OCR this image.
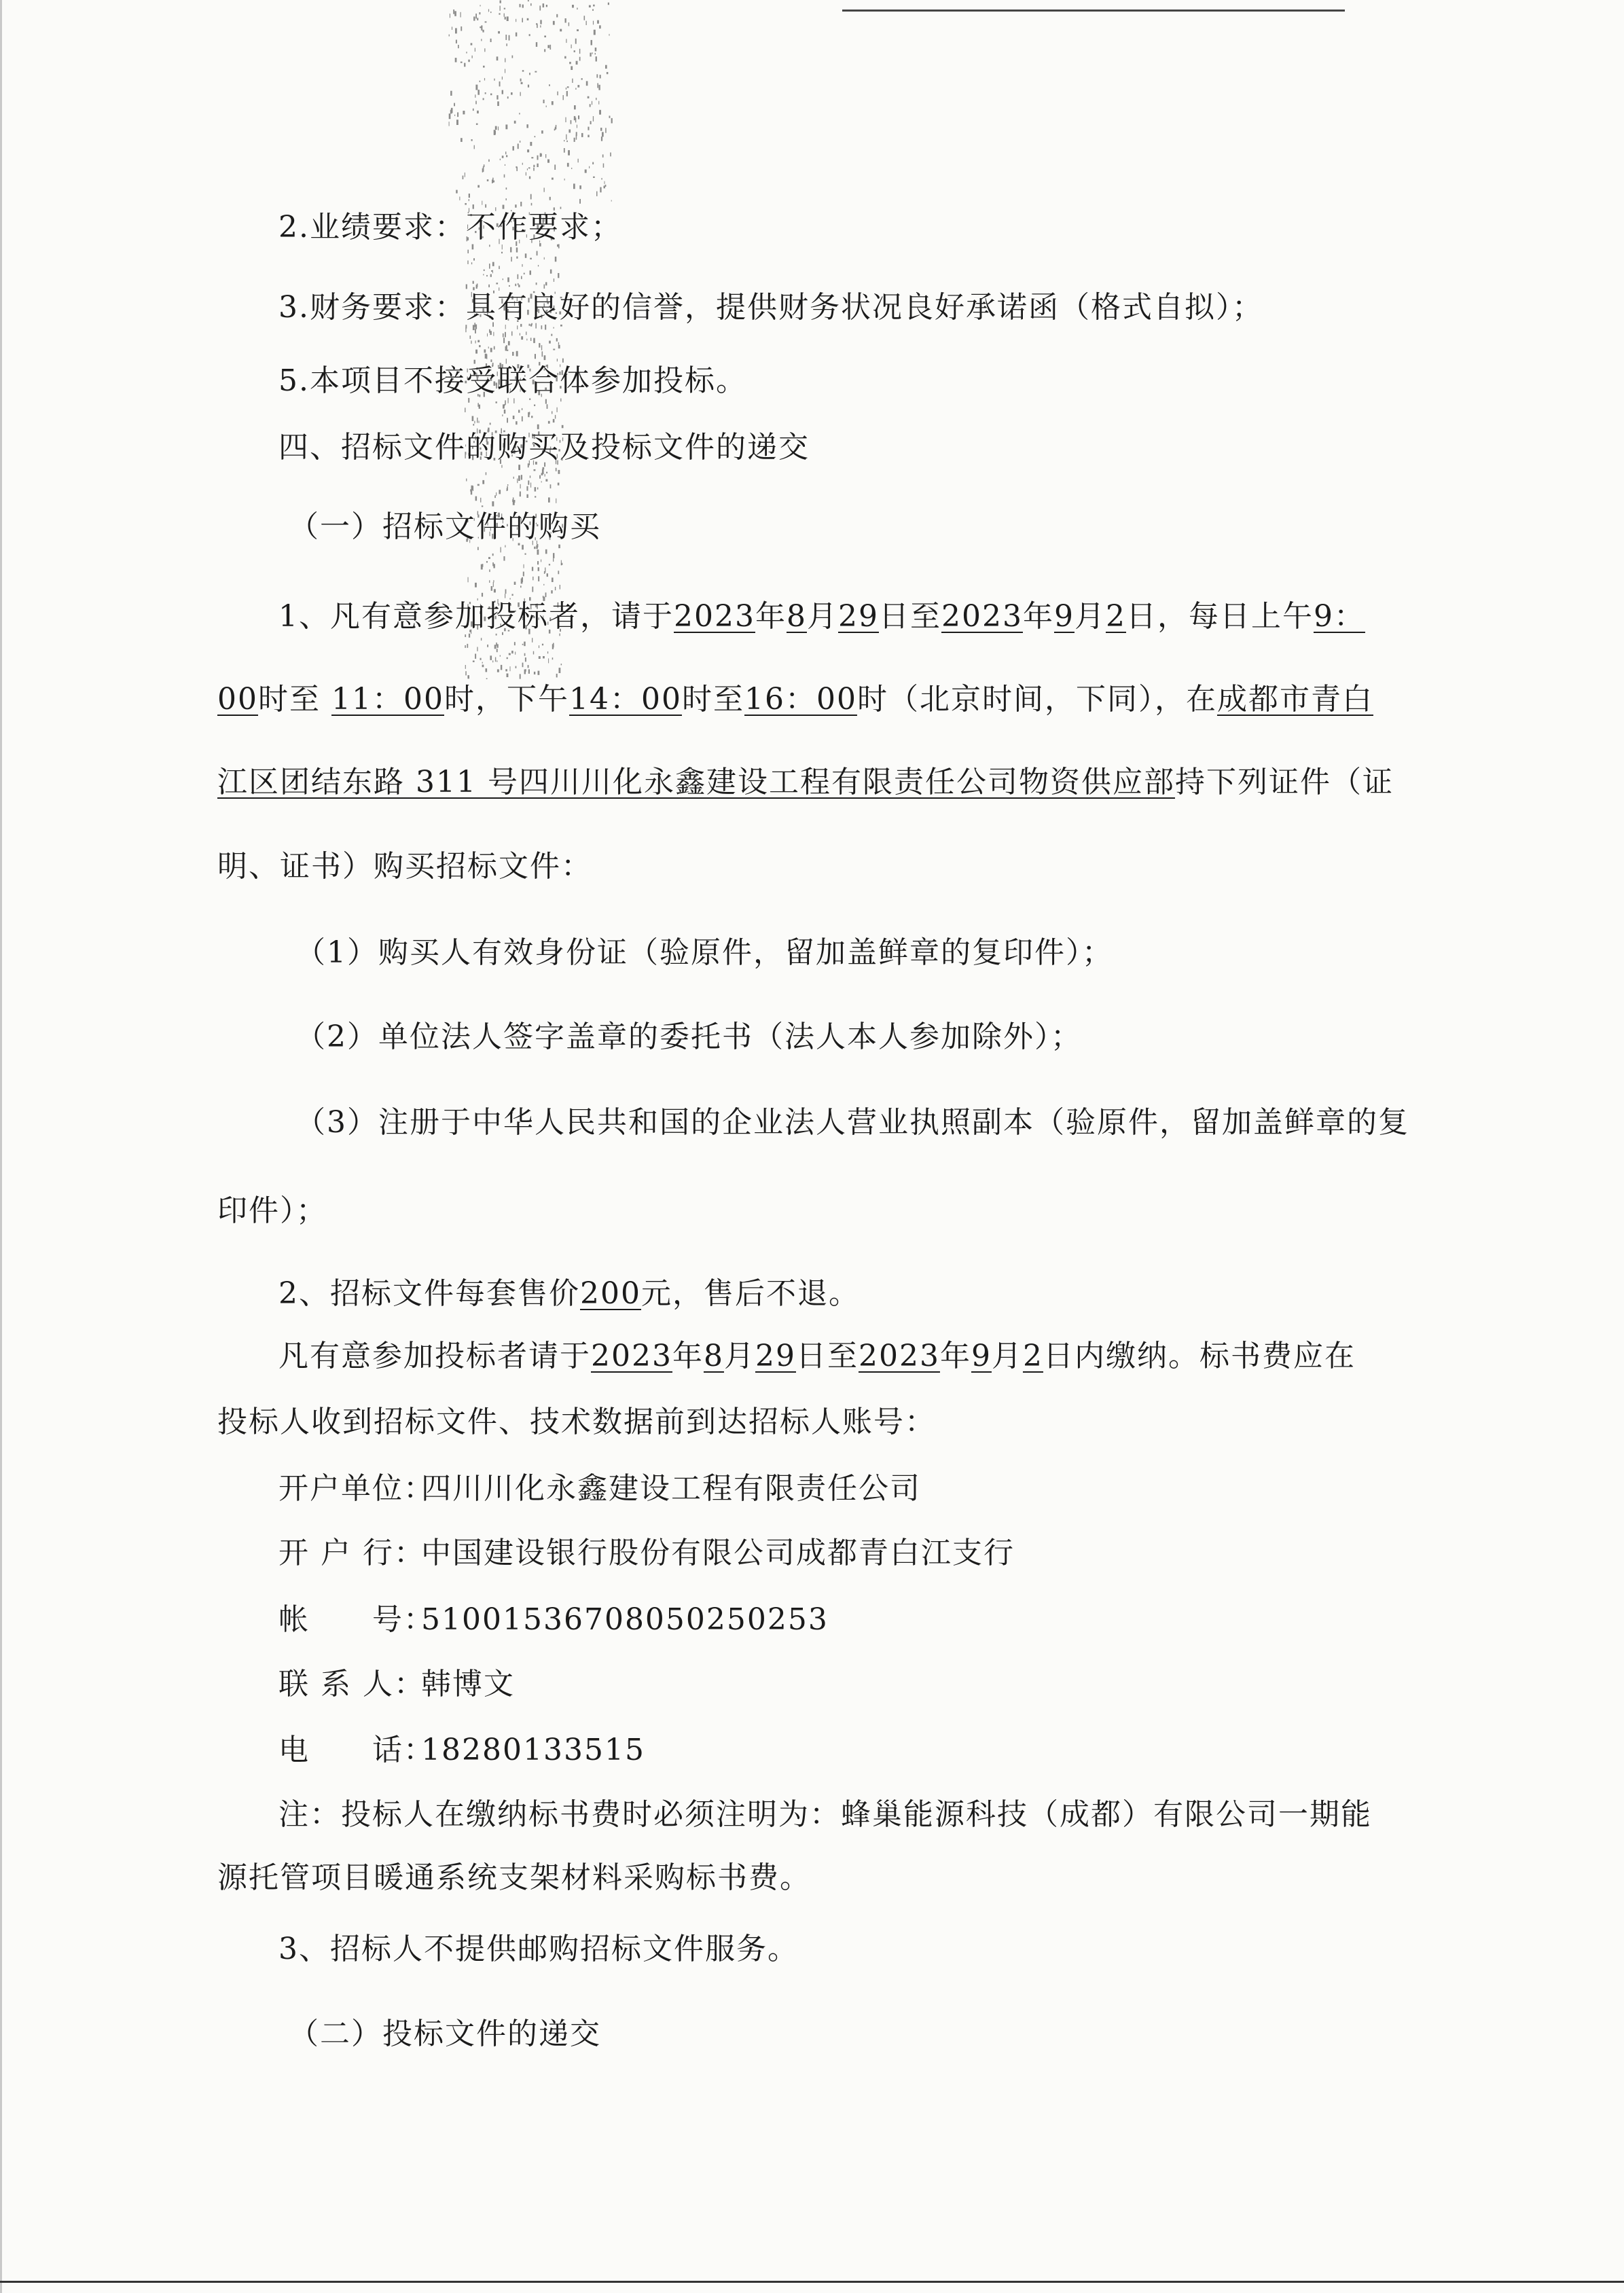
2.业绩要求：不作要求；

3.财务要求：具有良好的信誉，提供财务状况良好承诺函（格式自拟）；

5.本项目不接受联合体参加投标。

四、招标文件的购买及投标文件的递交

（一）招标文件的购买

1、凡有意参加投标者，请于2023年8月29日至2023年9月2日，每日上午9：

00时至 11：00时，下午14：00时至16：00时（北京时间，下同），在成都市青白

江区团结东路 311 号四川川化永鑫建设工程有限责任公司物资供应部持下列证件（证

明、证书）购买招标文件：

（1）购买人有效身份证（验原件，留加盖鲜章的复印件）；

（2）单位法人签字盖章的委托书（法人本人参加除外）；

（3）注册于中华人民共和国的企业法人营业执照副本（验原件，留加盖鲜章的复

印件）；

2、招标文件每套售价200元，售后不退。

凡有意参加投标者请于2023年8月29日至2023年9月2日内缴纳。标书费应在

投标人收到招标文件、技术数据前到达招标人账号：

开户单位：四川川化永鑫建设工程有限责任公司

开 户 行：中国建设银行股份有限公司成都青白江支行

帐　　号：51001536708050250253

联 系 人：韩博文

电　　话：18280133515

注：投标人在缴纳标书费时必须注明为：蜂巢能源科技（成都）有限公司一期能

源托管项目暖通系统支架材料采购标书费。

3、招标人不提供邮购招标文件服务。

（二）投标文件的递交
